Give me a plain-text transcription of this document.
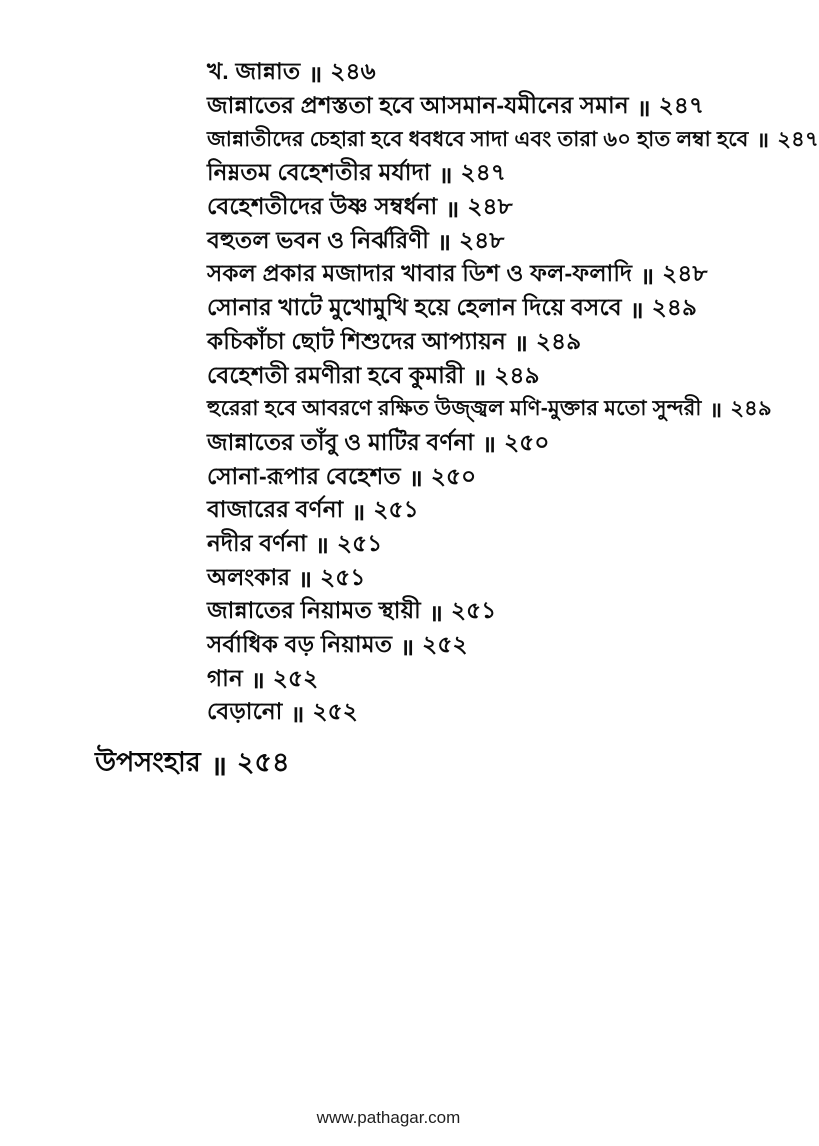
খ. জান্নাত ॥ ২৪৬
জান্নাতের প্রশস্ততা হবে আসমান-যমীনের সমান ॥ ২৪৭
জান্নাতীদের চেহারা হবে ধবধবে সাদা এবং তারা ৬০ হাত লম্বা হবে ॥ ২৪৭
নিম্নতম বেহেশতীর মর্যাদা ॥ ২৪৭
বেহেশতীদের উষ্ণ সম্বর্ধনা ॥ ২৪৮
বহুতল ভবন ও নির্ঝরিণী ॥ ২৪৮
সকল প্রকার মজাদার খাবার ডিশ ও ফল-ফলাদি ॥ ২৪৮
সোনার খাটে মুখোমুখি হয়ে হেলান দিয়ে বসবে ॥ ২৪৯
কচিকাঁচা ছোট শিশুদের আপ্যায়ন ॥ ২৪৯
বেহেশতী রমণীরা হবে কুমারী ॥ ২৪৯
হুরেরা হবে আবরণে রক্ষিত উজ্জ্বল মণি-মুক্তার মতো সুন্দরী ॥ ২৪৯
জান্নাতের তাঁবু ও মাটির বর্ণনা ॥ ২৫০
সোনা-রূপার বেহেশত ॥ ২৫০
বাজারের বর্ণনা ॥ ২৫১
নদীর বর্ণনা ॥ ২৫১
অলংকার ॥ ২৫১
জান্নাতের নিয়ামত স্থায়ী ॥ ২৫১
সর্বাধিক বড় নিয়ামত ॥ ২৫২
গান ॥ ২৫২
বেড়ানো ॥ ২৫২
উপসংহার ॥ ২৫৪
www.pathagar.com
